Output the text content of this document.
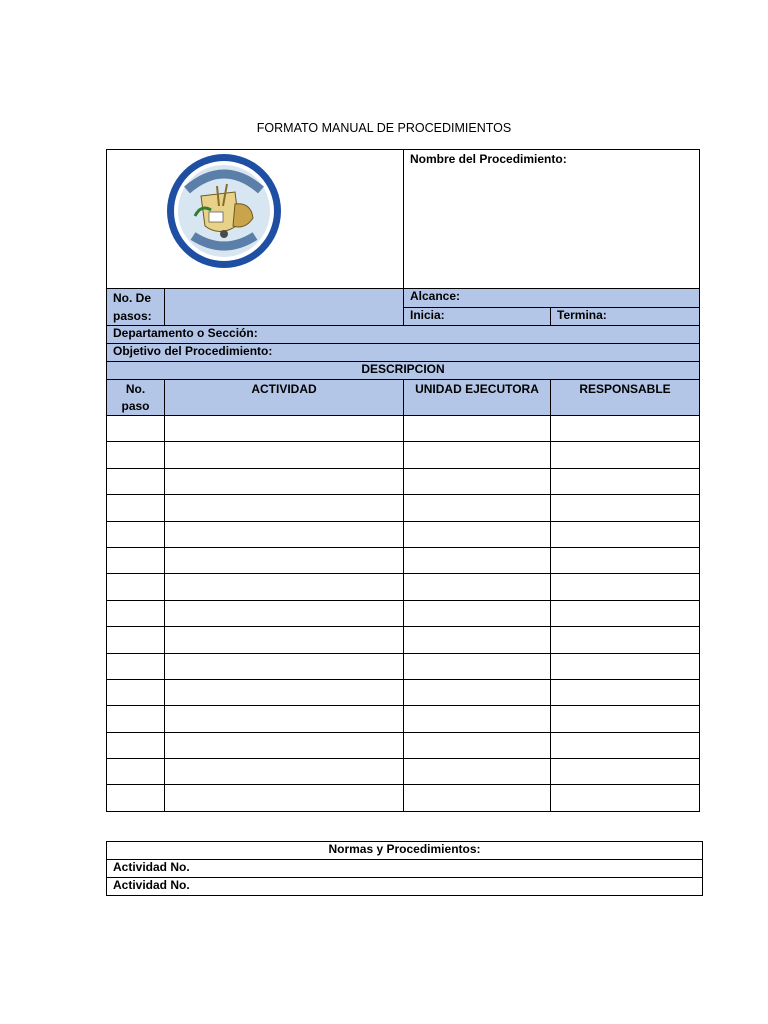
FORMATO MANUAL DE PROCEDIMIENTOS
	Nombre del Procedimiento:	
No. De pasos:		Alcance:	
		Inicia:	Termina:
Departamento o Sección:			
Objetivo del Procedimiento:			
DESCRIPCION			
No. paso	ACTIVIDAD	UNIDAD EJECUTORA	RESPONSABLE

Normas y Procedimientos:
Actividad No.
Actividad No.
